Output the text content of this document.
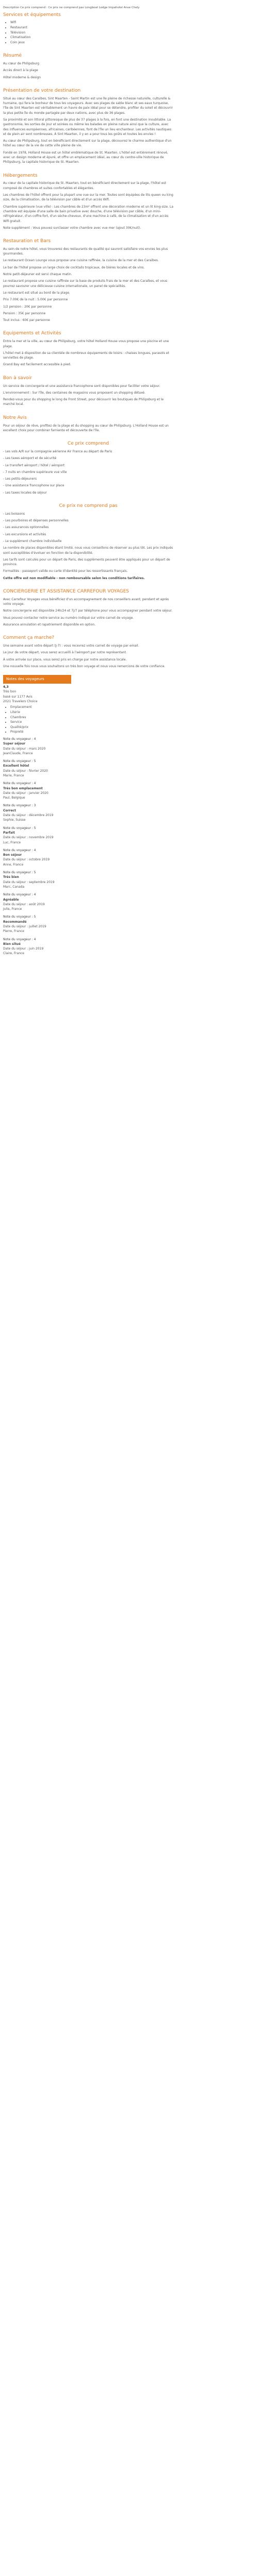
Description Ce prix comprend : Ce prix ne comprend pas Longboat Lodge Impahotel Anse Chely

Services et équipements
• Wifi
• Restaurant
• Télévision
• Climatisation
• Coin jeux
Résumé

Au cœur de Philipsburg

Accès direct à la plage

Hôtel moderne & design

Présentation de votre destination

Situé au cœur des Caraïbes, Sint Maarten - Saint Martin est une île pleine de richesse naturelle, culturelle & humaine, qui fera le bonheur de tous les voyageurs. Avec ses plages de sable blanc et ses eaux turquoise, l'île de Sint Maarten est véritablement un havre de paix idéal pour se détendre, profiter du soleil et découvrir la plus petite île du monde partagée par deux nations, avec plus de 36 plages.

Sa proximité et son littoral pittoresque de plus de 37 plages à la fois, en font une destination inoubliable. La gastronomie, les sorties de jour et soirées ou même les balades en pleine nature ainsi que la culture, avec des influences européennes, africaines, caribéennes, font de l'île un lieu enchanteur. Les activités nautiques et de plein air sont nombreuses. À Sint Maarten, il y en a pour tous les goûts et toutes les envies !

Au cœur de Philipsburg, tout en bénéficiant directement sur la plage, découvrez le charme authentique d'un hôtel au cœur de la vie de cette ville pleine de vie.

Fondé en 1978, Holland House est un hôtel emblématique de St. Maarten. L'hôtel est entièrement rénové, avec un design moderne et épuré, et offre un emplacement idéal, au cœur du centre-ville historique de Philipsburg, la capitale historique de St. Maarten.

Hébergements

Au cœur de la capitale historique de St. Maarten, tout en bénéficiant directement sur la plage, l'hôtel est composé de chambres et suites confortables et élégantes.

Les chambres de l'hôtel offrent pour la plupart une vue sur la mer. Toutes sont équipées de lits queen ou king size, de la climatisation, de la télévision par câble et d'un accès Wifi.

Chambre supérieure (vue ville) : Les chambres de 23m² offrent une décoration moderne et un lit king-size. La chambre est équipée d'une salle de bain privative avec douche, d'une télévision par câble, d'un mini-réfrigérateur, d'un coffre-fort, d'un sèche-cheveux, d'une machine à café, de la climatisation et d'un accès Wifi gratuit.

Note supplément : Vous pouvez surclasser votre chambre avec vue mer (ajout 30€/nuit).

Restauration et Bars

Au sein de notre hôtel, vous trouverez des restaurants de qualité qui sauront satisfaire vos envies les plus gourmandes.

Le restaurant Ocean Lounge vous propose une cuisine raffinée, la cuisine de la mer et des Caraïbes.

Le bar de l'hôtel propose un large choix de cocktails tropicaux, de bières locales et de vins.

Notre petit-déjeuner est servi chaque matin.

Le restaurant propose une cuisine raffinée sur la base de produits frais de la mer et des Caraïbes, et vous pourrez savourer une délicieuse cuisine internationale, un panel de spécialités.

Le restaurant est situé au bord de la plage.

Prix 7.00€ de la nuit : 5.00€ par personne

1/2 pension : 20€ par personne

Pension : 35€ par personne

Tout inclus : 60€ par personne

Equipements et Activités

Entre la mer et la ville, au cœur de Philipsburg, votre hôtel Holland House vous propose une piscine et une plage.

L'hôtel met à disposition de sa clientèle de nombreux équipements de loisirs : chaises longues, parasols et serviettes de plage.

Grand Bay est facilement accessible à pied.

Bon à savoir

Un service de conciergerie et une assistance francophone sont disponibles pour faciliter votre séjour.

L'environnement : Sur l'île, des centaines de magasins vous proposent un shopping détaxé.

Rendez-vous pour du shopping le long de Front Street, pour découvrir les boutiques de Philipsburg et le marché local.

Notre Avis

Pour un séjour de rêve, profitez de la plage et du shopping au cœur de Philipsburg. L'Holland House est un excellent choix pour combiner farniente et découverte de l'île.

Ce prix comprend

- Les vols A/R sur la compagnie aérienne Air France au départ de Paris

- Les taxes aéroport et de sécurité

- Le transfert aéroport / hôtel / aéroport

- 7 nuits en chambre supérieure vue ville

- Les petits-déjeuners

- Une assistance francophone sur place

- Les taxes locales de séjour

Ce prix ne comprend pas

- Les boissons

- Les pourboires et dépenses personnelles

- Les assurances optionnelles

- Les excursions et activités

- Le supplément chambre individuelle

Le nombre de places disponibles étant limité, nous vous conseillons de réserver au plus tôt. Les prix indiqués sont susceptibles d'évoluer en fonction de la disponibilité.

Les tarifs sont calculés pour un départ de Paris, des suppléments peuvent être appliqués pour un départ de province.

Formalités : passeport valide ou carte d'identité pour les ressortissants français.

Cette offre est non modifiable - non remboursable selon les conditions tarifaires.

CONCIERGERIE ET ASSISTANCE CARREFOUR VOYAGES

Avec Carrefour Voyages vous bénéficiez d'un accompagnement de nos conseillers avant, pendant et après votre voyage.

Notre conciergerie est disponible 24h/24 et 7j/7 par téléphone pour vous accompagner pendant votre séjour.

Vous pouvez contacter notre service au numéro indiqué sur votre carnet de voyage.

Assurance annulation et rapatriement disponible en option.

Comment ça marche?

Une semaine avant votre départ (J-7) : vous recevrez votre carnet de voyage par email.

Le jour de votre départ, vous serez accueilli à l'aéroport par notre représentant.

À votre arrivée sur place, vous serez pris en charge par notre assistance locale.

Une nouvelle fois nous vous souhaitons un très bon voyage et nous vous remercions de votre confiance.

Notes des voyageurs
4,3
Très bon
basé sur 1177 Avis
2021 Travelers Choice
• Emplacement
• Literie
• Chambres
• Service
• Qualité/prix
• Propreté
Note du voyageur : 4
Super séjour
Date du séjour : mars 2020
JeanClaude, France
Note du voyageur : 5
Excellent hôtel
Date du séjour : février 2020
Marie, France
Note du voyageur : 4
Très bon emplacement
Date du séjour : janvier 2020
Paul, Belgique
Note du voyageur : 3
Correct
Date du séjour : décembre 2019
Sophie, Suisse
Note du voyageur : 5
Parfait
Date du séjour : novembre 2019
Luc, France
Note du voyageur : 4
Bon séjour
Date du séjour : octobre 2019
Anne, France
Note du voyageur : 5
Très bien
Date du séjour : septembre 2019
Marc, Canada
Note du voyageur : 4
Agréable
Date du séjour : août 2019
Julie, France
Note du voyageur : 5
Recommandé
Date du séjour : juillet 2019
Pierre, France
Note du voyageur : 4
Bien situé
Date du séjour : juin 2019
Claire, France
